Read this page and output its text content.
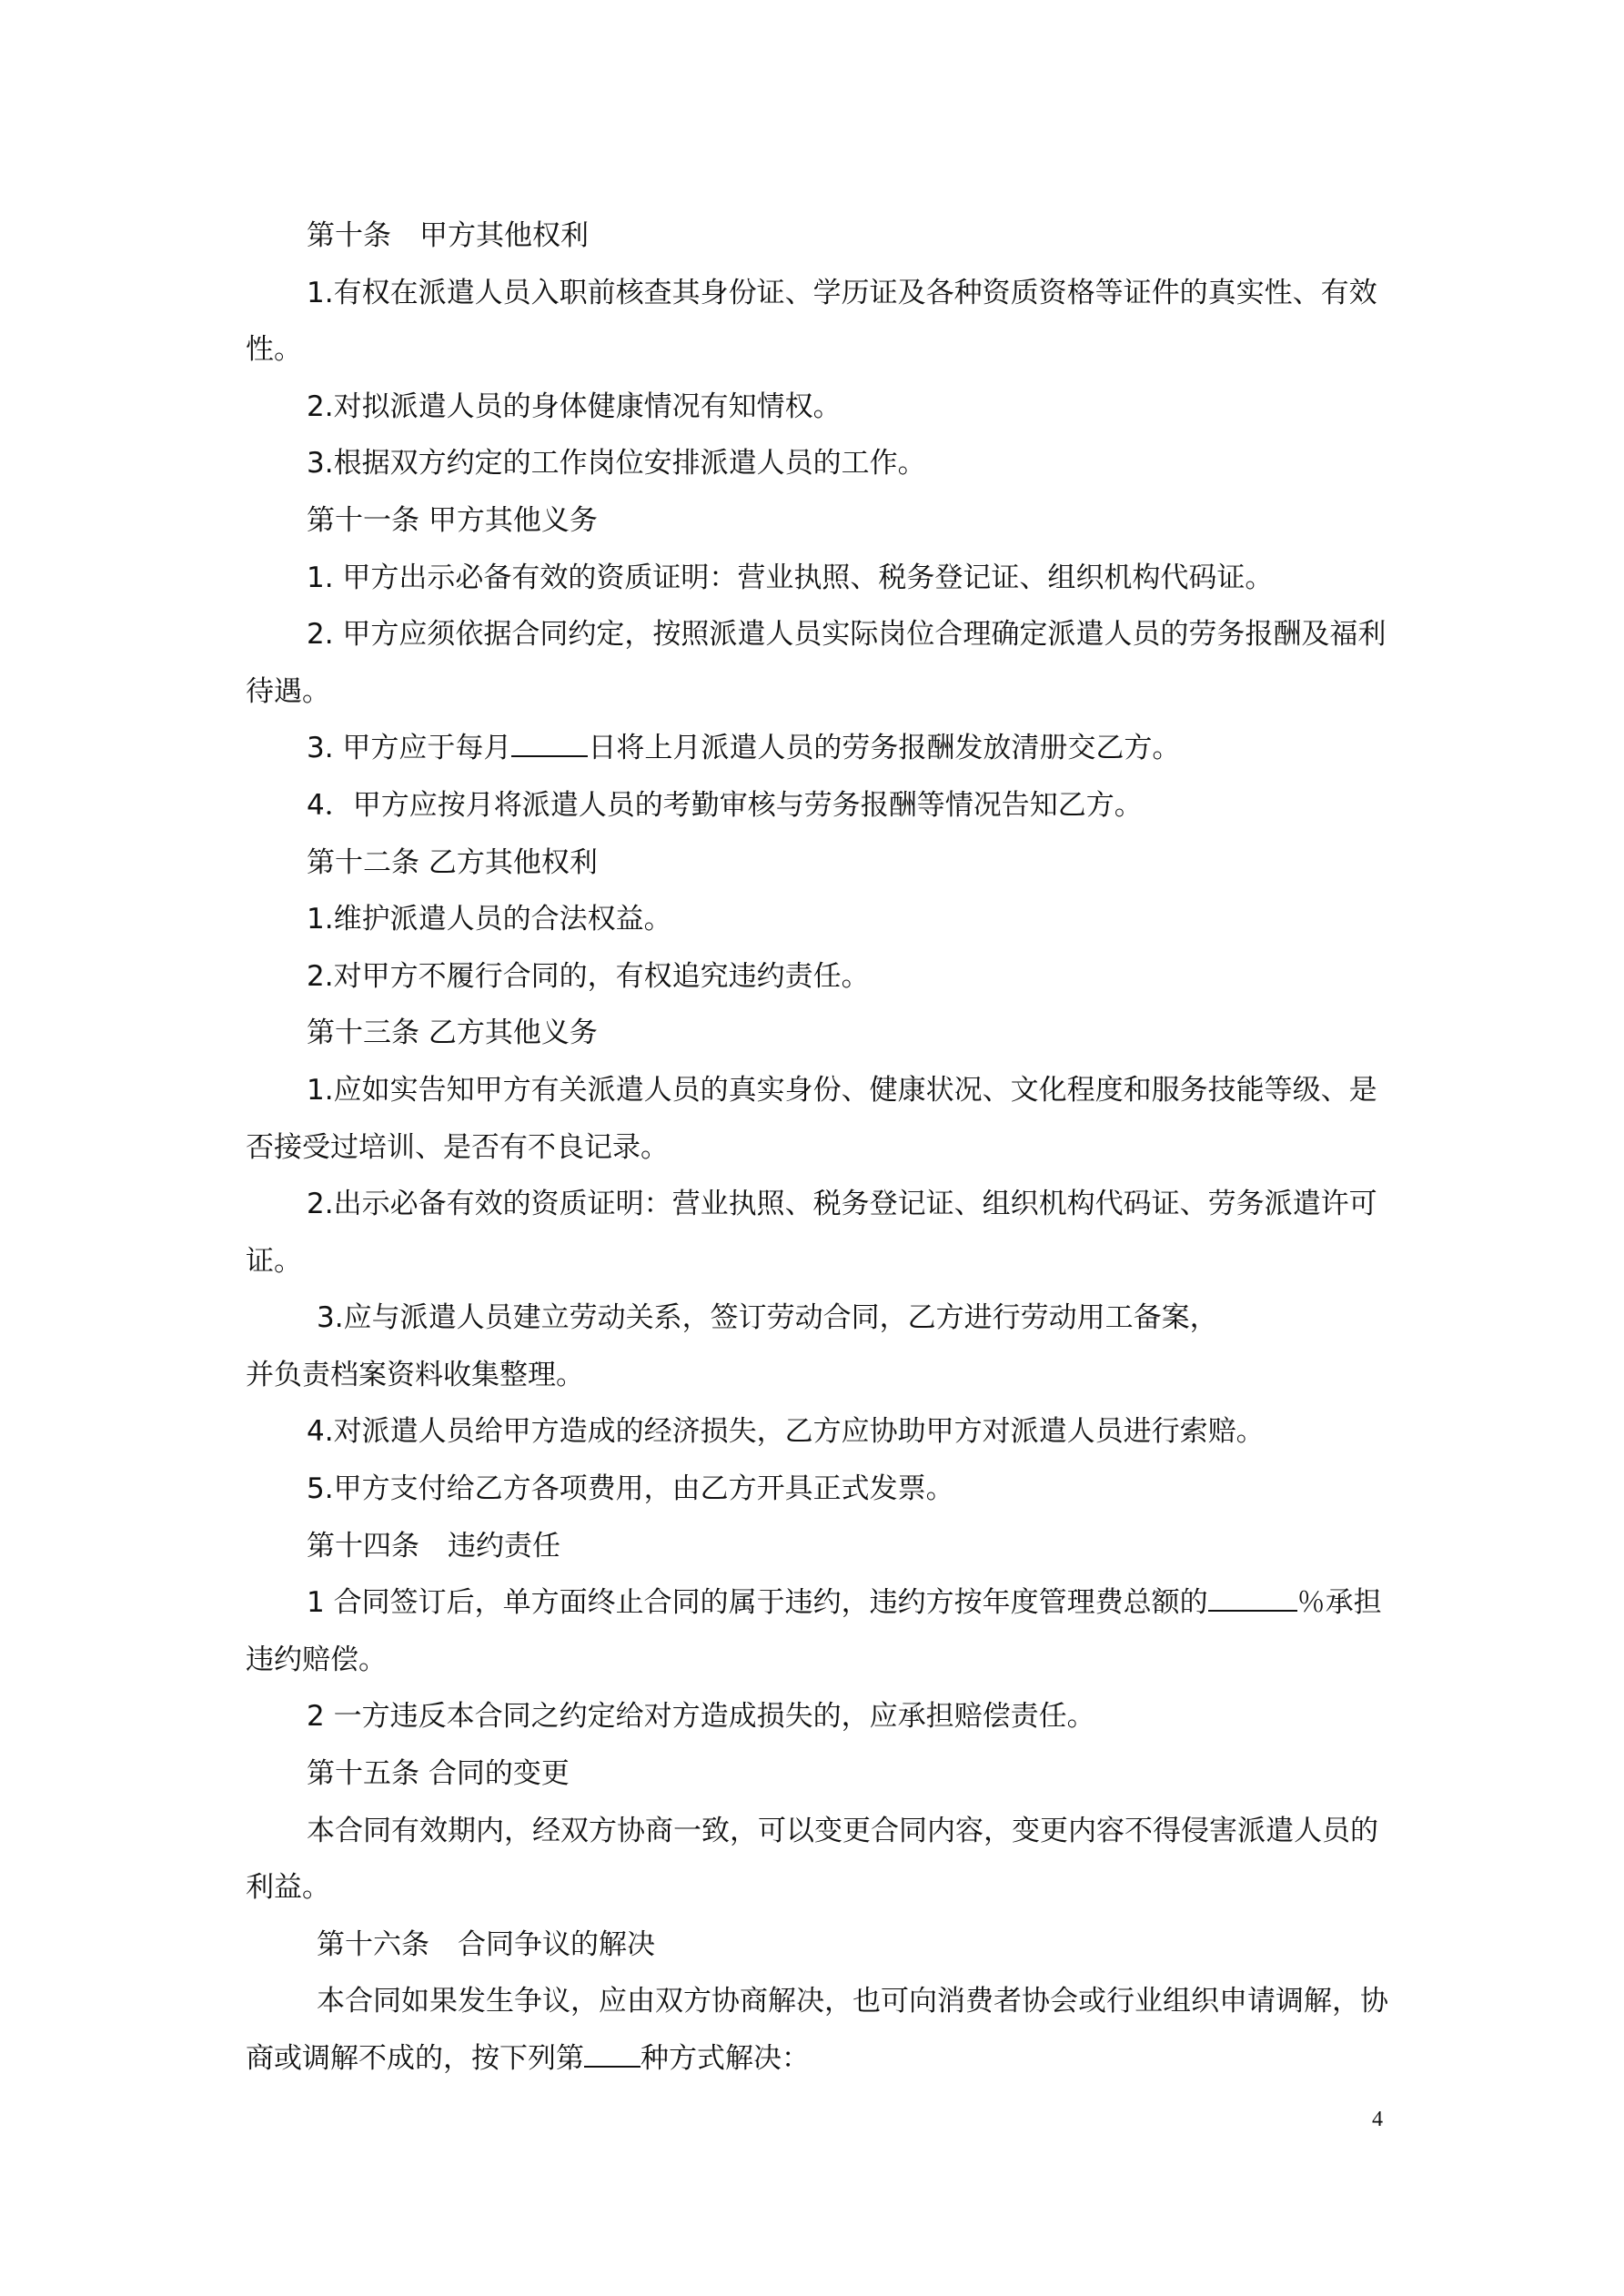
第十条　甲方其他权利

1.有权在派遣人员入职前核查其身份证、学历证及各种资质资格等证件的真实性、有效性。

2.对拟派遣人员的身体健康情况有知情权。

3.根据双方约定的工作岗位安排派遣人员的工作。

第十一条 甲方其他义务

1. 甲方出示必备有效的资质证明：营业执照、税务登记证、组织机构代码证。

2. 甲方应须依据合同约定，按照派遣人员实际岗位合理确定派遣人员的劳务报酬及福利待遇。

3. 甲方应于每月	日将上月派遣人员的劳务报酬发放清册交乙方。

4．甲方应按月将派遣人员的考勤审核与劳务报酬等情况告知乙方。

第十二条 乙方其他权利

1.维护派遣人员的合法权益。

2.对甲方不履行合同的，有权追究违约责任。

第十三条 乙方其他义务

1.应如实告知甲方有关派遣人员的真实身份、健康状况、文化程度和服务技能等级、是否接受过培训、是否有不良记录。

2.出示必备有效的资质证明：营业执照、税务登记证、组织机构代码证、劳务派遣许可证。

3.应与派遣人员建立劳动关系，签订劳动合同，乙方进行劳动用工备案，
并负责档案资料收集整理。

4.对派遣人员给甲方造成的经济损失，乙方应协助甲方对派遣人员进行索赔。

5.甲方支付给乙方各项费用，由乙方开具正式发票。

第十四条　违约责任

1 合同签订后，单方面终止合同的属于违约，违约方按年度管理费总额的	％承担违约赔偿。

2 一方违反本合同之约定给对方造成损失的，应承担赔偿责任。

第十五条 合同的变更

本合同有效期内，经双方协商一致，可以变更合同内容，变更内容不得侵害派遣人员的利益。

第十六条　合同争议的解决

本合同如果发生争议，应由双方协商解决，也可向消费者协会或行业组织申请调解，协商或调解不成的，按下列第 种方式解决：

4
